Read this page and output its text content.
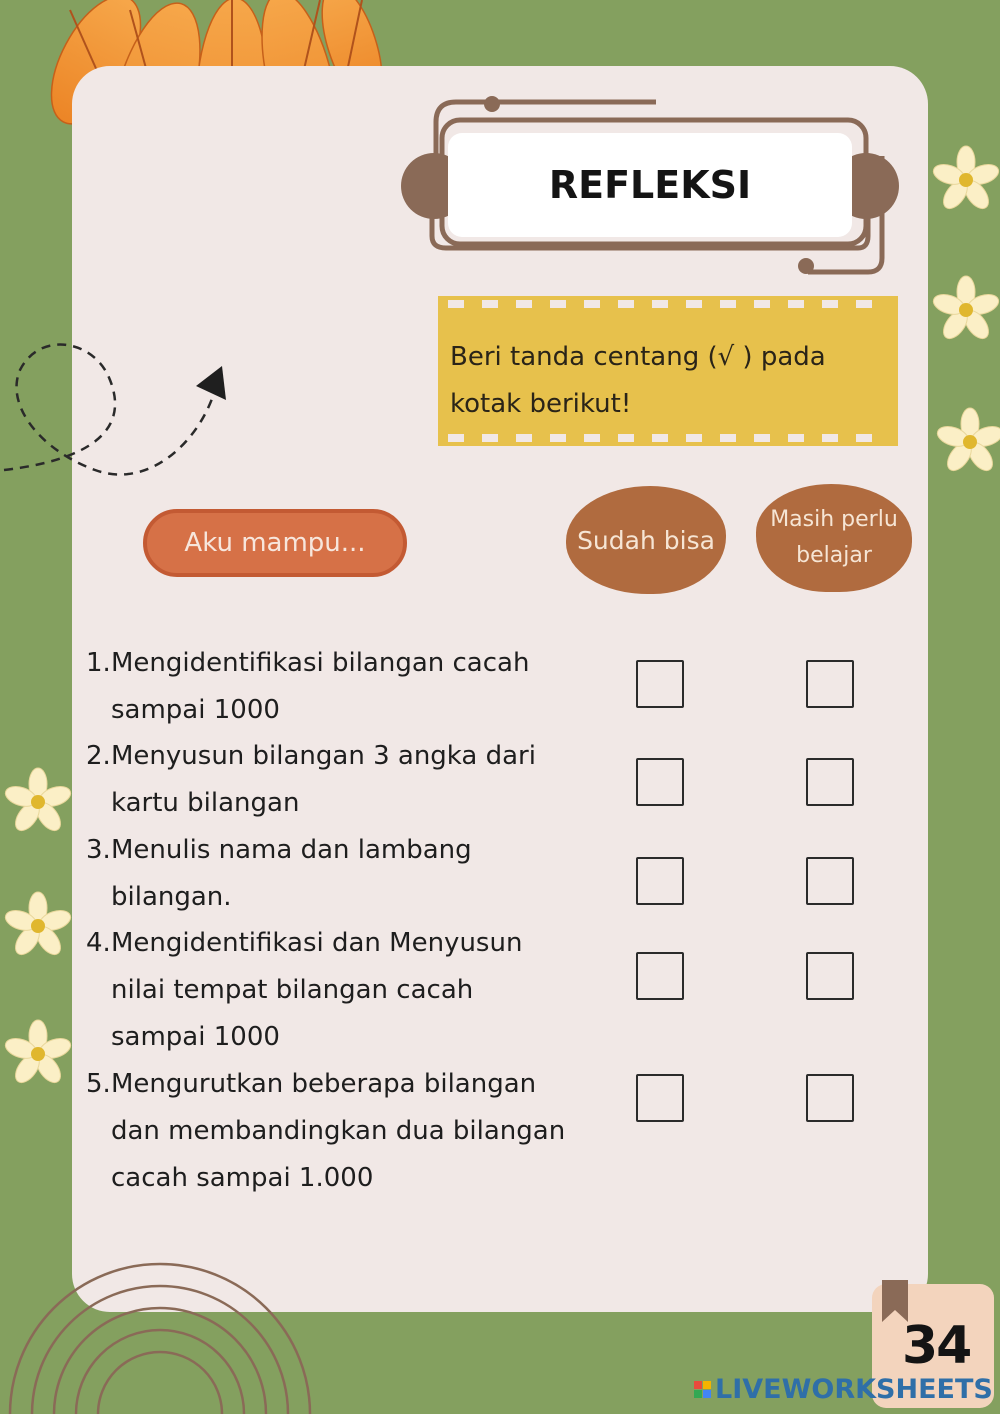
REFLEKSI
Beri tanda centang (√ ) pada
kotak berikut!
Aku mampu...	Sudah bisa
Masih perlu
belajar
1. Mengidentifikasi bilangan cacah
sampai 1000
2. Menyusun bilangan 3 angka dari
kartu bilangan
3. Menulis nama dan lambang
bilangan.
4. Mengidentifikasi dan Menyusun
nilai tempat bilangan cacah
sampai 1000
5. Mengurutkan beberapa bilangan
dan membandingkan dua bilangan
cacah sampai 1.000
34
LIVEWORKSHEETS
